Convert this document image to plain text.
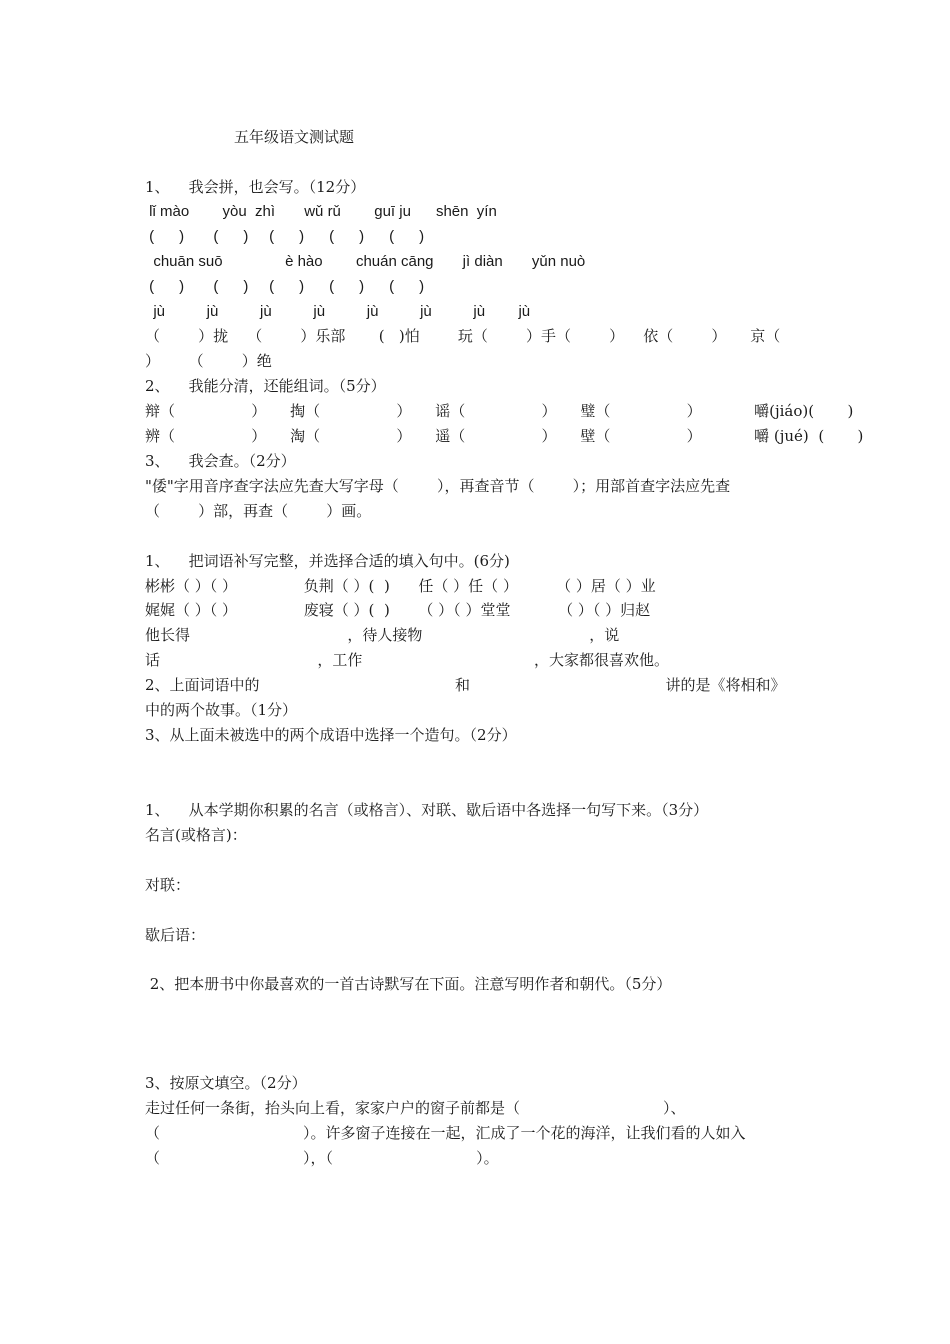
五年级语文测试题
1、    我会拼，也会写。（12分）
lǐ mào        yòu  zhì       wǔ rǔ        guī ju      shēn  yín
(      )       (      )     (      )      (      )      (      )
chuān suō               è hào        chuán cāng       jì diàn       yǔn nuò
(      )       (      )     (      )      (      )      (      )
jù          jù          jù          jù          jù          jù          jù        jù
（        ）拢    （        ）乐部       (   )怕        玩（        ）手（        ）    依（        ）     京（
）      （        ）绝
2、    我能分清，还能组词。（5分）
辩（                ）     掏（                ）     谣（                ）     璧（                ）           嚼(jiáo)(       )
辨（                ）     淘（                ）     遥（                ）     壁（                ）           嚼 (jué)  (       )
3、    我会查。（2分）
"倭"字用音序查字法应先查大写字母（        ），再查音节（        ）；用部首查字法应先查
（        ）部，再查（        ）画。
1、    把词语补写完整，并选择合适的填入句中。(6分)
彬彬（ ）（ ）              负荆（ ）(  )      任（ ）任（ ）        （ ）居（ ）业
娓娓（ ）（ ）              废寝（ ）(  )      （ ）（ ）堂堂          （ ）（ ）归赵
他长得                                 ，待人接物                                   ，说
话                                 ，工作                                    ，大家都很喜欢他。
2、上面词语中的                                         和                                         讲的是《将相和》
中的两个故事。（1分）
3、从上面未被选中的两个成语中选择一个造句。（2分）
1、    从本学期你积累的名言（或格言）、对联、歇后语中各选择一句写下来。（3分）
名言(或格言)：
对联：
歇后语：
2、把本册书中你最喜欢的一首古诗默写在下面。注意写明作者和朝代。（5分）
3、按原文填空。（2分）
走过任何一条街，抬头向上看，家家户户的窗子前都是（                              ）、
（                              ）。许多窗子连接在一起，汇成了一个花的海洋，让我们看的人如入
（                              ），（                              ）。
